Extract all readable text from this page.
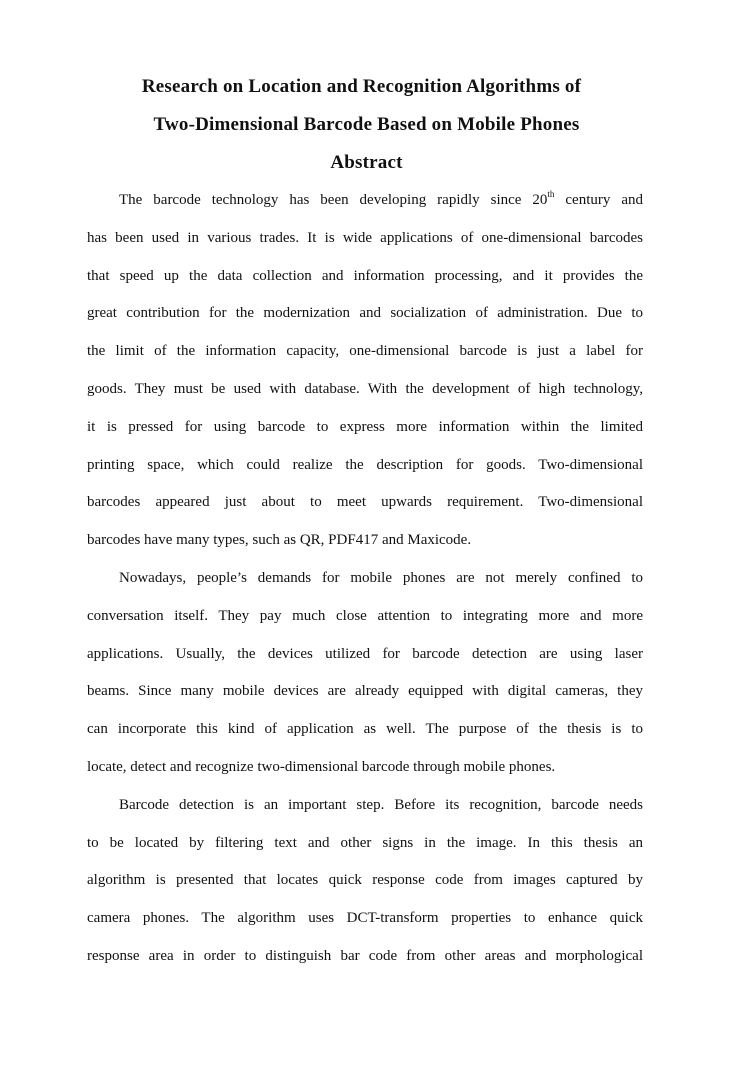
Research on Location and Recognition Algorithms of
Two-Dimensional Barcode Based on Mobile Phones
Abstract
The barcode technology has been developing rapidly since 20th century and
has been used in various trades. It is wide applications of one-dimensional barcodes
that speed up the data collection and information processing, and it provides the
great contribution for the modernization and socialization of administration. Due to
the limit of the information capacity, one-dimensional barcode is just a label for
goods. They must be used with database. With the development of high technology,
it is pressed for using barcode to express more information within the limited
printing space, which could realize the description for goods. Two-dimensional
barcodes appeared just about to meet upwards requirement. Two-dimensional
barcodes have many types, such as QR, PDF417 and Maxicode.
Nowadays, people’s demands for mobile phones are not merely confined to
conversation itself. They pay much close attention to integrating more and more
applications. Usually, the devices utilized for barcode detection are using laser
beams. Since many mobile devices are already equipped with digital cameras, they
can incorporate this kind of application as well. The purpose of the thesis is to
locate, detect and recognize two-dimensional barcode through mobile phones.
Barcode detection is an important step. Before its recognition, barcode needs
to be located by filtering text and other signs in the image. In this thesis an
algorithm is presented that locates quick response code from images captured by
camera phones. The algorithm uses DCT-transform properties to enhance quick
response area in order to distinguish bar code from other areas and morphological
